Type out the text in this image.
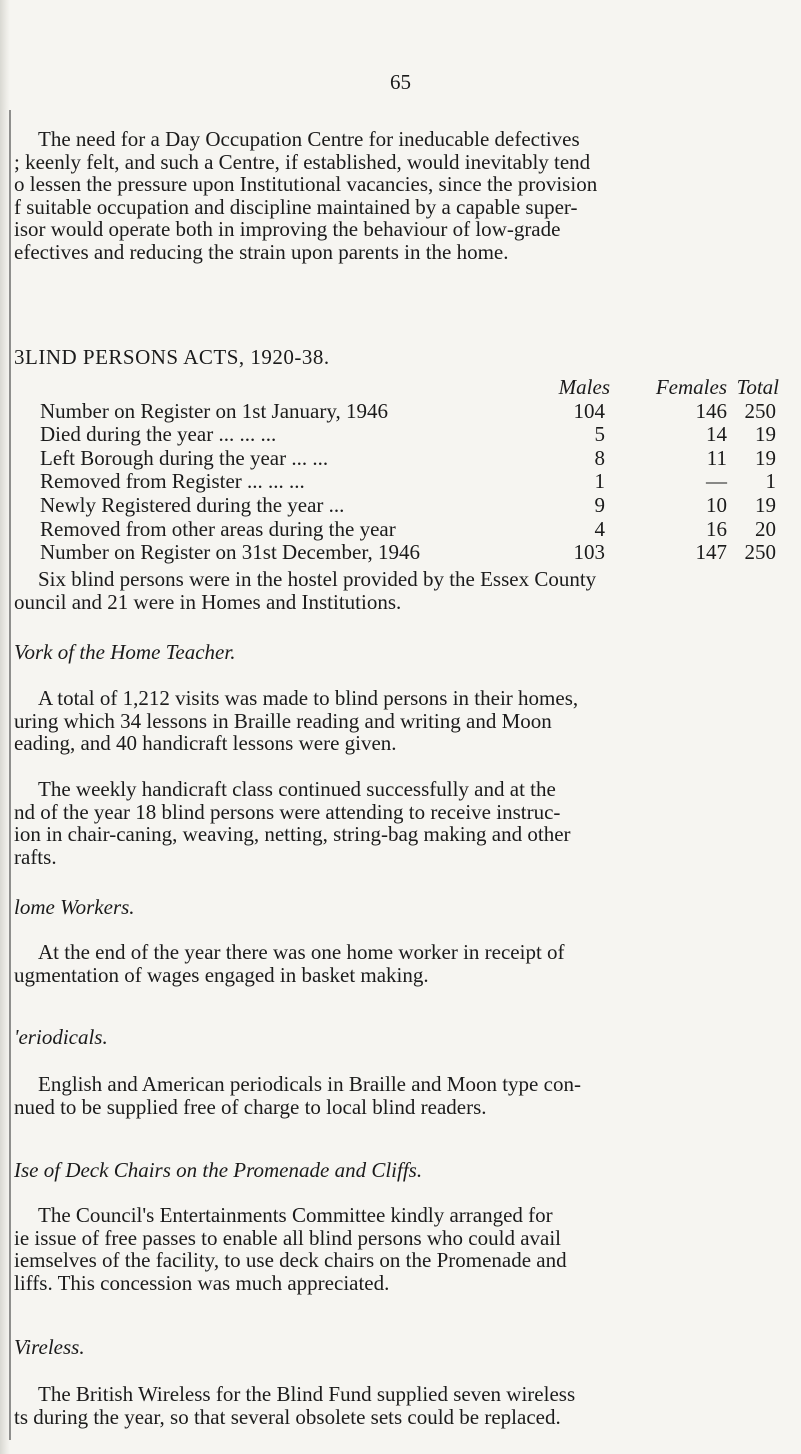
65

The need for a Day Occupation Centre for ineducable defectives
; keenly felt, and such a Centre, if established, would inevitably tend
o lessen the pressure upon Institutional vacancies, since the provision
f suitable occupation and discipline maintained by a capable super-
isor would operate both in improving the behaviour of low-grade
efectives and reducing the strain upon parents in the home.

3LIND PERSONS ACTS, 1920-38.
Males	Females Total
Number on Register on 1st January, 1946	104	146 250
Died during the year ... ... ...	5	14	19
Left Borough during the year ... ...	8	11	19
Removed from Register ... ... ...	1	—	1
Newly Registered during the year ...	9	10	19
Removed from other areas during the year	4	16	20
Number on Register on 31st December, 1946	103	147 250

Six blind persons were in the hostel provided by the Essex County
ouncil and 21 were in Homes and Institutions.

Vork of the Home Teacher.

A total of 1,212 visits was made to blind persons in their homes,
uring which 34 lessons in Braille reading and writing and Moon
eading, and 40 handicraft lessons were given.

The weekly handicraft class continued successfully and at the
nd of the year 18 blind persons were attending to receive instruc-
ion in chair-caning, weaving, netting, string-bag making and other
rafts.

lome Workers.

At the end of the year there was one home worker in receipt of
ugmentation of wages engaged in basket making.

'eriodicals.

English and American periodicals in Braille and Moon type con-
nued to be supplied free of charge to local blind readers.

Ise of Deck Chairs on the Promenade and Cliffs.

The Council's Entertainments Committee kindly arranged for
ie issue of free passes to enable all blind persons who could avail
iemselves of the facility, to use deck chairs on the Promenade and
liffs. This concession was much appreciated.

Vireless.

The British Wireless for the Blind Fund supplied seven wireless
ts during the year, so that several obsolete sets could be replaced.
